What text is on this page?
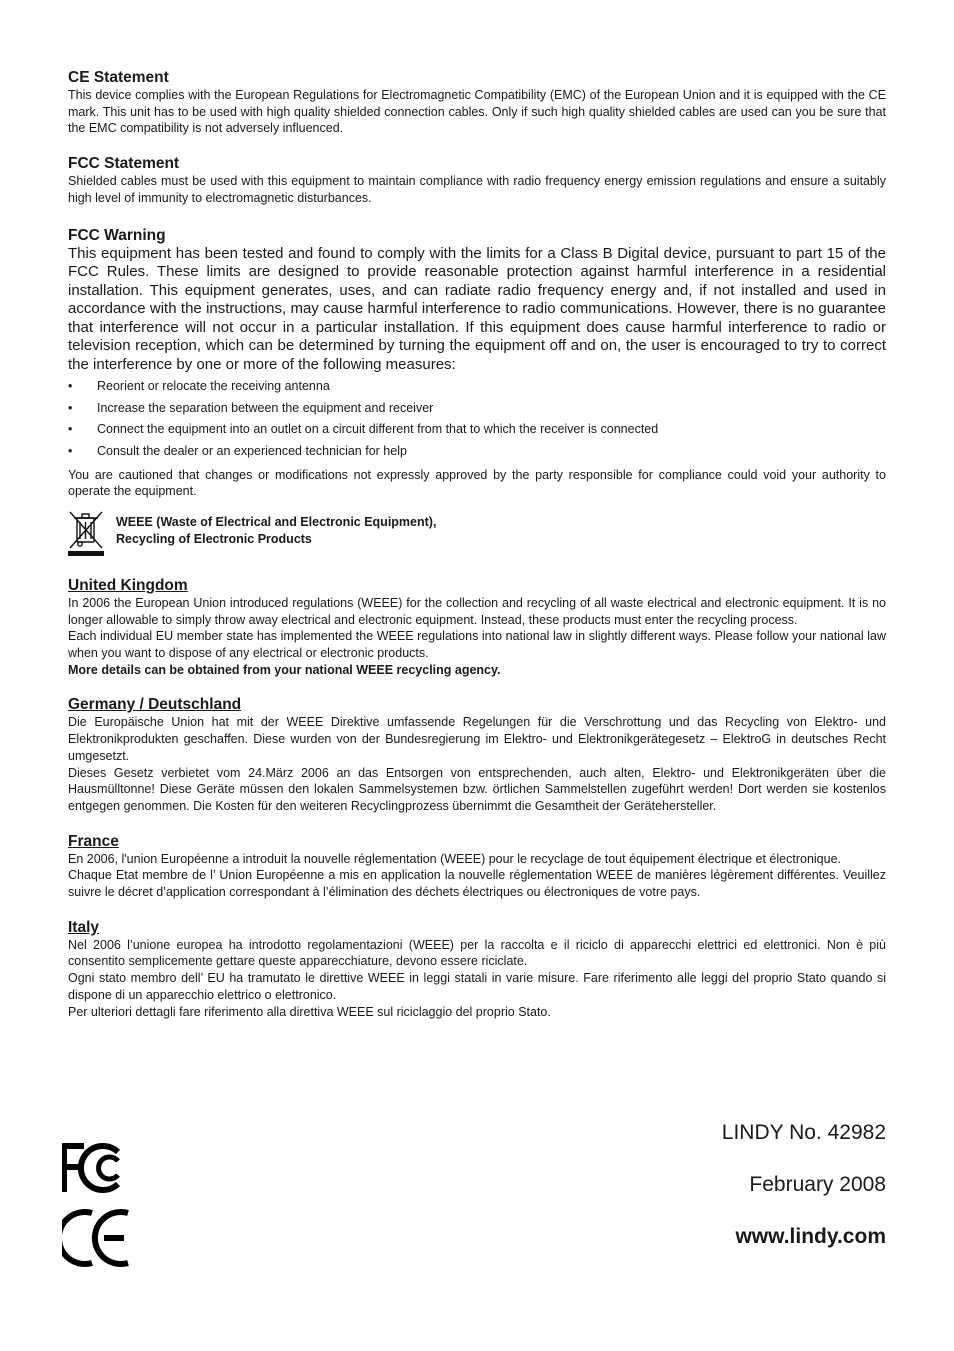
CE Statement

This device complies with the European Regulations for Electromagnetic Compatibility (EMC) of the European Union and it is equipped with the CE mark. This unit has to be used with high quality shielded connection cables. Only if such high quality shielded cables are used can you be sure that the EMC compatibility is not adversely influenced.

FCC Statement

Shielded cables must be used with this equipment to maintain compliance with radio frequency energy emission regulations and ensure a suitably high level of immunity to electromagnetic disturbances.

FCC Warning

This equipment has been tested and found to comply with the limits for a Class B Digital device, pursuant to part 15 of the FCC Rules. These limits are designed to provide reasonable protection against harmful interference in a residential installation. This equipment generates, uses, and can radiate radio frequency energy and, if not installed and used in accordance with the instructions, may cause harmful interference to radio communications. However, there is no guarantee that interference will not occur in a particular installation. If this equipment does cause harmful interference to radio or television reception, which can be determined by turning the equipment off and on, the user is encouraged to try to correct the interference by one or more of the following measures:

• Reorient or relocate the receiving antenna
• Increase the separation between the equipment and receiver
• Connect the equipment into an outlet on a circuit different from that to which the receiver is connected
• Consult the dealer or an experienced technician for help

You are cautioned that changes or modifications not expressly approved by the party responsible for compliance could void your authority to operate the equipment.

WEEE (Waste of Electrical and Electronic Equipment),
Recycling of Electronic Products
United Kingdom

In 2006 the European Union introduced regulations (WEEE) for the collection and recycling of all waste electrical and electronic equipment. It is no longer allowable to simply throw away electrical and electronic equipment. Instead, these products must enter the recycling process.

Each individual EU member state has implemented the WEEE regulations into national law in slightly different ways. Please follow your national law when you want to dispose of any electrical or electronic products.

More details can be obtained from your national WEEE recycling agency.

Germany / Deutschland

Die Europäische Union hat mit der WEEE Direktive umfassende Regelungen für die Verschrottung und das Recycling von Elektro- und Elektronikprodukten geschaffen. Diese wurden von der Bundesregierung im Elektro- und Elektronikgerätegesetz – ElektroG in deutsches Recht umgesetzt.

Dieses Gesetz verbietet vom 24.März 2006 an das Entsorgen von entsprechenden, auch alten, Elektro- und Elektronikgeräten über die Hausmülltonne! Diese Geräte müssen den lokalen Sammelsystemen bzw. örtlichen Sammelstellen zugeführt werden! Dort werden sie kostenlos entgegen genommen. Die Kosten für den weiteren Recyclingprozess übernimmt die Gesamtheit der Gerätehersteller.

France

En 2006, l'union Européenne a introduit la nouvelle réglementation (WEEE) pour le recyclage de tout équipement électrique et électronique.

Chaque Etat membre de l’ Union Européenne a mis en application la nouvelle réglementation WEEE de manières légèrement différentes. Veuillez suivre le décret d’application correspondant à l’élimination des déchets électriques ou électroniques de votre pays.

Italy

Nel 2006 l’unione europea ha introdotto regolamentazioni (WEEE) per la raccolta e il riciclo di apparecchi elettrici ed elettronici. Non è più consentito semplicemente gettare queste apparecchiature, devono essere riciclate.

Ogni stato membro dell’ EU ha tramutato le direttive WEEE in leggi statali in varie misure. Fare riferimento alle leggi del proprio Stato quando si dispone di un apparecchio elettrico o elettronico.

Per ulteriori dettagli fare riferimento alla direttiva WEEE sul riciclaggio del proprio Stato.

LINDY No. 42982
February 2008
www.lindy.com
